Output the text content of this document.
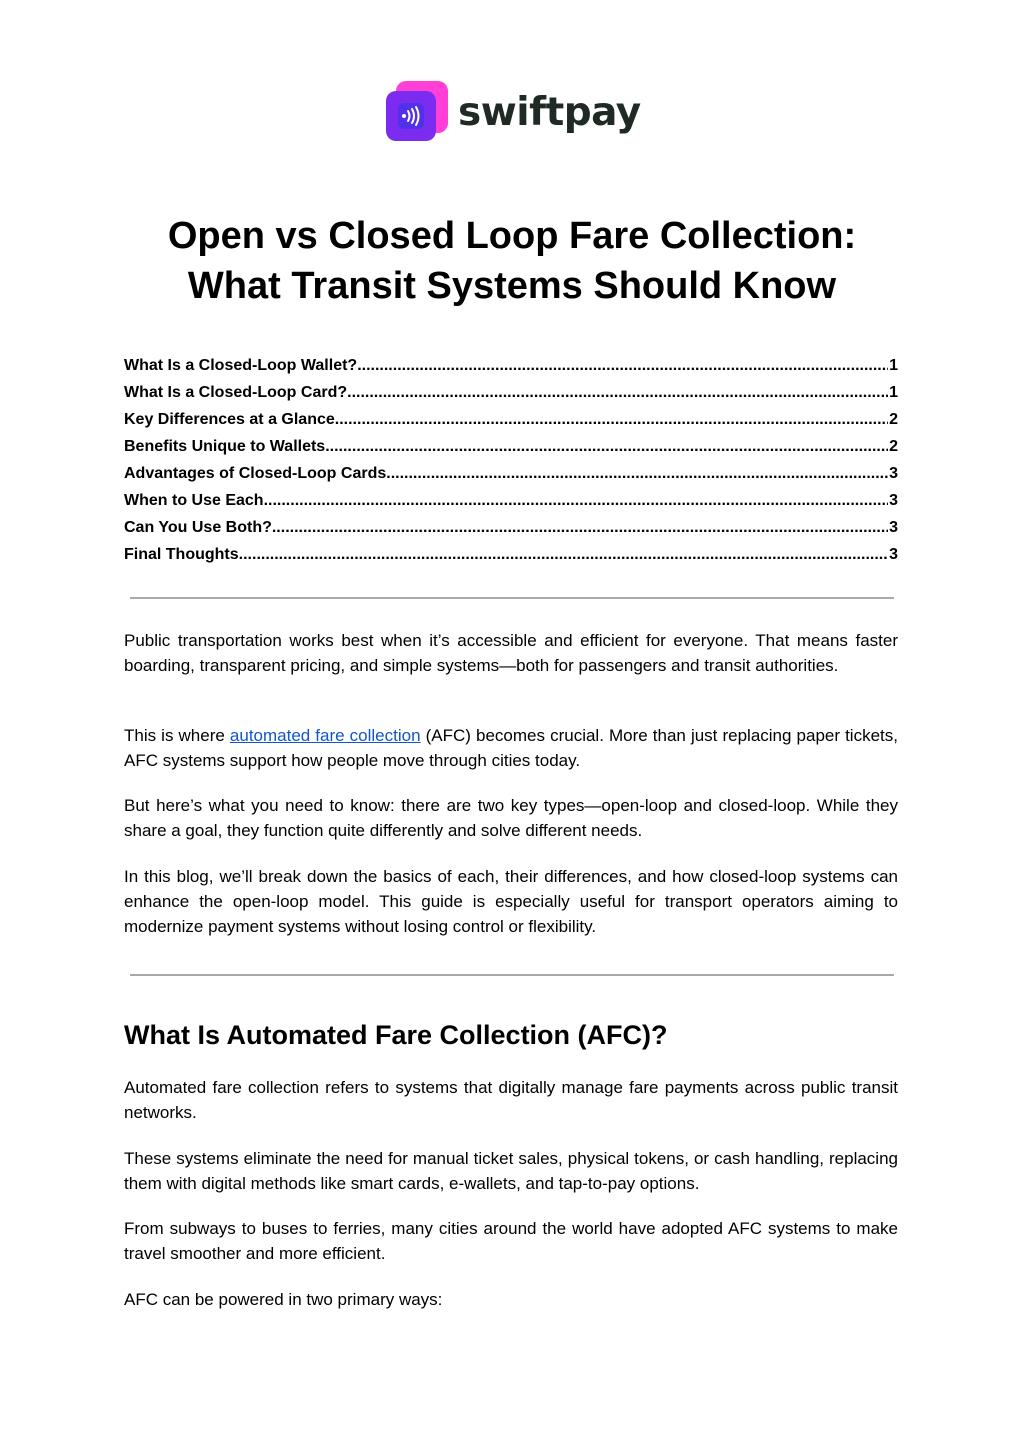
swiftpay
Open vs Closed Loop Fare Collection:
What Transit Systems Should Know
What Is a Closed-Loop Wallet? .....	1
What Is a Closed-Loop Card? .....	1
Key Differences at a Glance .....	2
Benefits Unique to Wallets .....	2
Advantages of Closed-Loop Cards .....	3
When to Use Each .....	3
Can You Use Both? .....	3
Final Thoughts .....	3

Public transportation works best when it’s accessible and efficient for everyone. That means faster boarding, transparent pricing, and simple systems—both for passengers and transit authorities.

This is where automated fare collection (AFC) becomes crucial. More than just replacing paper tickets, AFC systems support how people move through cities today.

But here’s what you need to know: there are two key types—open-loop and closed-loop. While they share a goal, they function quite differently and solve different needs.

In this blog, we’ll break down the basics of each, their differences, and how closed-loop systems can enhance the open-loop model. This guide is especially useful for transport operators aiming to modernize payment systems without losing control or flexibility.

What Is Automated Fare Collection (AFC)?

Automated fare collection refers to systems that digitally manage fare payments across public transit networks.

These systems eliminate the need for manual ticket sales, physical tokens, or cash handling, replacing them with digital methods like smart cards, e-wallets, and tap-to-pay options.

From subways to buses to ferries, many cities around the world have adopted AFC systems to make travel smoother and more efficient.

AFC can be powered in two primary ways:
